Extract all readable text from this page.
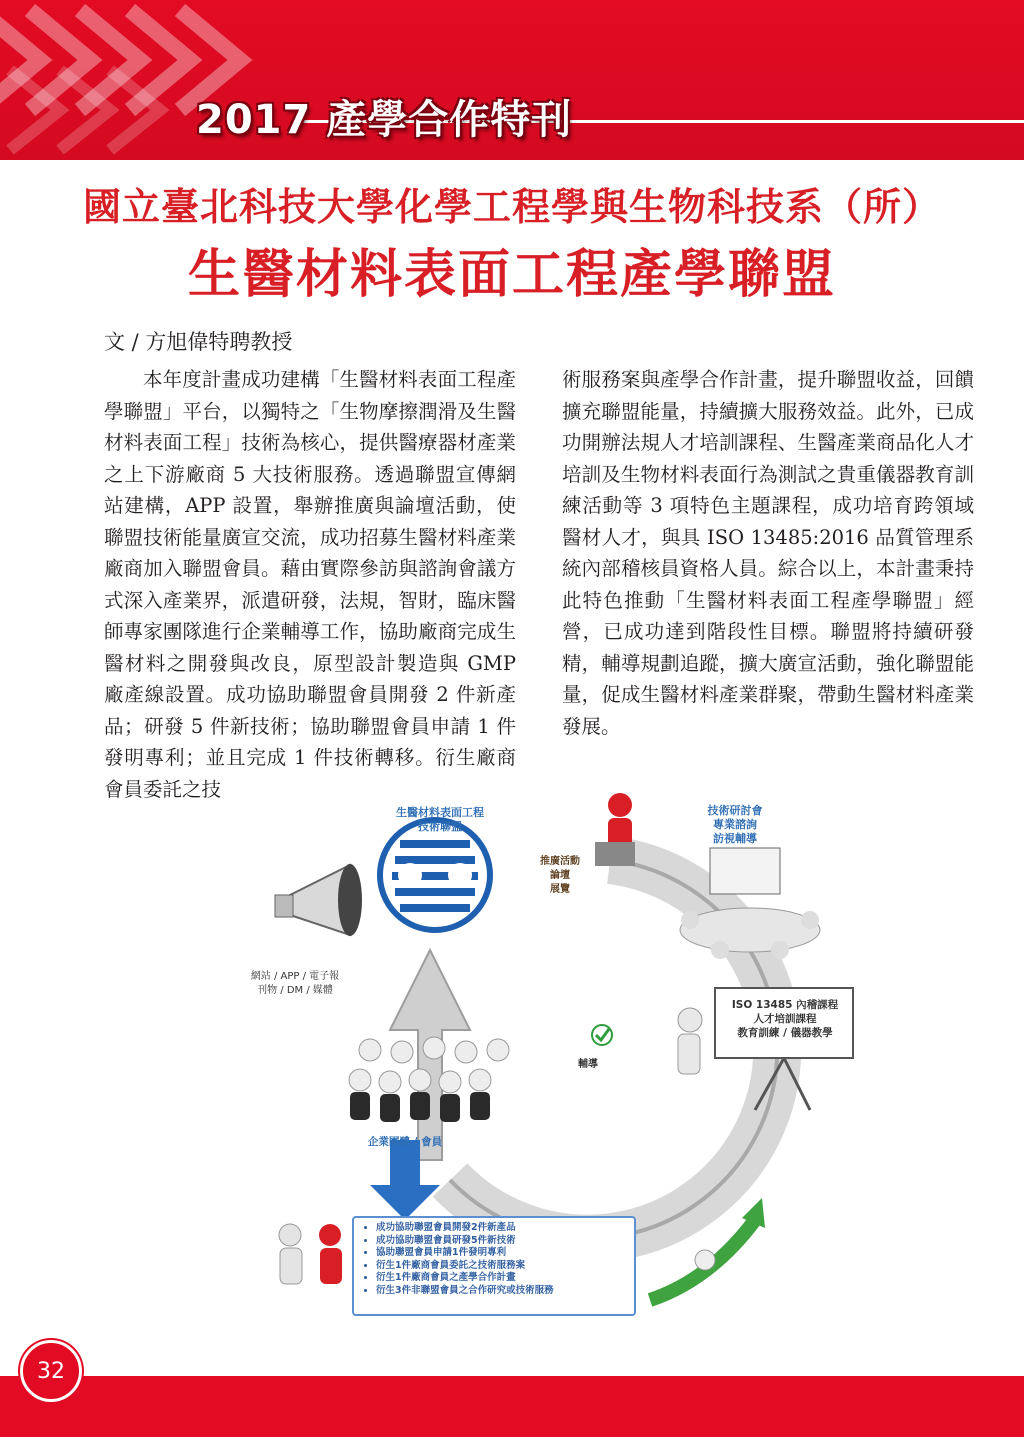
2017 產學合作特刊
國立臺北科技大學化學工程學與生物科技系（所）
生醫材料表面工程產學聯盟
文 / 方旭偉特聘教授
本年度計畫成功建構「生醫材料表面工程產學聯盟」平台，以獨特之「生物摩擦潤滑及生醫材料表面工程」技術為核心，提供醫療器材產業之上下游廠商 5 大技術服務。透過聯盟宣傳網站建構，APP 設置，舉辦推廣與論壇活動，使聯盟技術能量廣宣交流，成功招募生醫材料產業廠商加入聯盟會員。藉由實際參訪與諮詢會議方式深入產業界，派遣研發，法規，智財，臨床醫師專家團隊進行企業輔導工作，協助廠商完成生醫材料之開發與改良，原型設計製造與 GMP 廠產線設置。成功協助聯盟會員開發 2 件新產品；研發 5 件新技術；協助聯盟會員申請 1 件發明專利；並且完成 1 件技術轉移。衍生廠商會員委託之技
術服務案與產學合作計畫，提升聯盟收益，回饋擴充聯盟能量，持續擴大服務效益。此外，已成功開辦法規人才培訓課程、生醫產業商品化人才培訓及生物材料表面行為測試之貴重儀器教育訓練活動等 3 項特色主題課程，成功培育跨領域醫材人才，與具 ISO 13485:2016 品質管理系統內部稽核員資格人員。綜合以上，本計畫秉持此特色推動「生醫材料表面工程產學聯盟」經營，已成功達到階段性目標。聯盟將持續研發精，輔導規劃追蹤，擴大廣宣活動，強化聯盟能量，促成生醫材料產業群聚，帶動生醫材料產業發展。
生醫材料表面工程
技術聯盟
技術研討會
專業諮詢
訪視輔導
推廣活動
論壇
展覽
網站 / APP / 電子報
刊物 / DM / 媒體
ISO 13485 內稽課程
人才培訓課程
教育訓練 / 儀器教學
輔導
企業團體 / 會員
• 成功協助聯盟會員開發2件新產品
• 成功協助聯盟會員研發5件新技術
• 協助聯盟會員申請1件發明專利
• 衍生1件廠商會員委託之技術服務案
• 衍生1件廠商會員之產學合作計畫
• 衍生3件非聯盟會員之合作研究或技術服務
32
